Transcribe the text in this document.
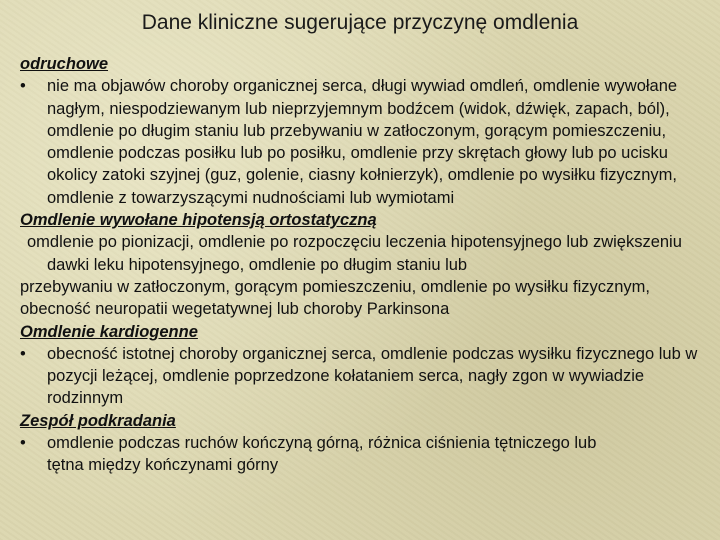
Dane kliniczne sugerujące przyczynę omdlenia
odruchowe
•	nie ma objawów choroby organicznej serca, długi wywiad omdleń, omdlenie wywołane nagłym, niespodziewanym lub nieprzyjemnym bodźcem (widok, dźwięk, zapach, ból), omdlenie po długim staniu lub przebywaniu w zatłoczonym, gorącym pomieszczeniu, omdlenie podczas posiłku lub po posiłku, omdlenie przy skrętach głowy lub po ucisku okolicy zatoki szyjnej (guz, golenie, ciasny kołnierzyk), omdlenie po wysiłku fizycznym, omdlenie z towarzyszącymi nudnościami lub wymiotami
Omdlenie wywołane hipotensją ortostatyczną
omdlenie po pionizacji, omdlenie po rozpoczęciu leczenia hipotensyjnego lub zwiększeniu dawki leku hipotensyjnego, omdlenie po długim staniu lub
przebywaniu w zatłoczonym, gorącym pomieszczeniu, omdlenie po wysiłku fizycznym, obecność neuropatii wegetatywnej lub choroby Parkinsona
Omdlenie kardiogenne
•	obecność istotnej choroby organicznej serca, omdlenie podczas wysiłku fizycznego lub w pozycji leżącej, omdlenie poprzedzone kołataniem serca, nagły zgon w wywiadzie rodzinnym
Zespół podkradania
•	omdlenie podczas ruchów kończyną górną, różnica ciśnienia tętniczego lub
tętna między kończynami górny
